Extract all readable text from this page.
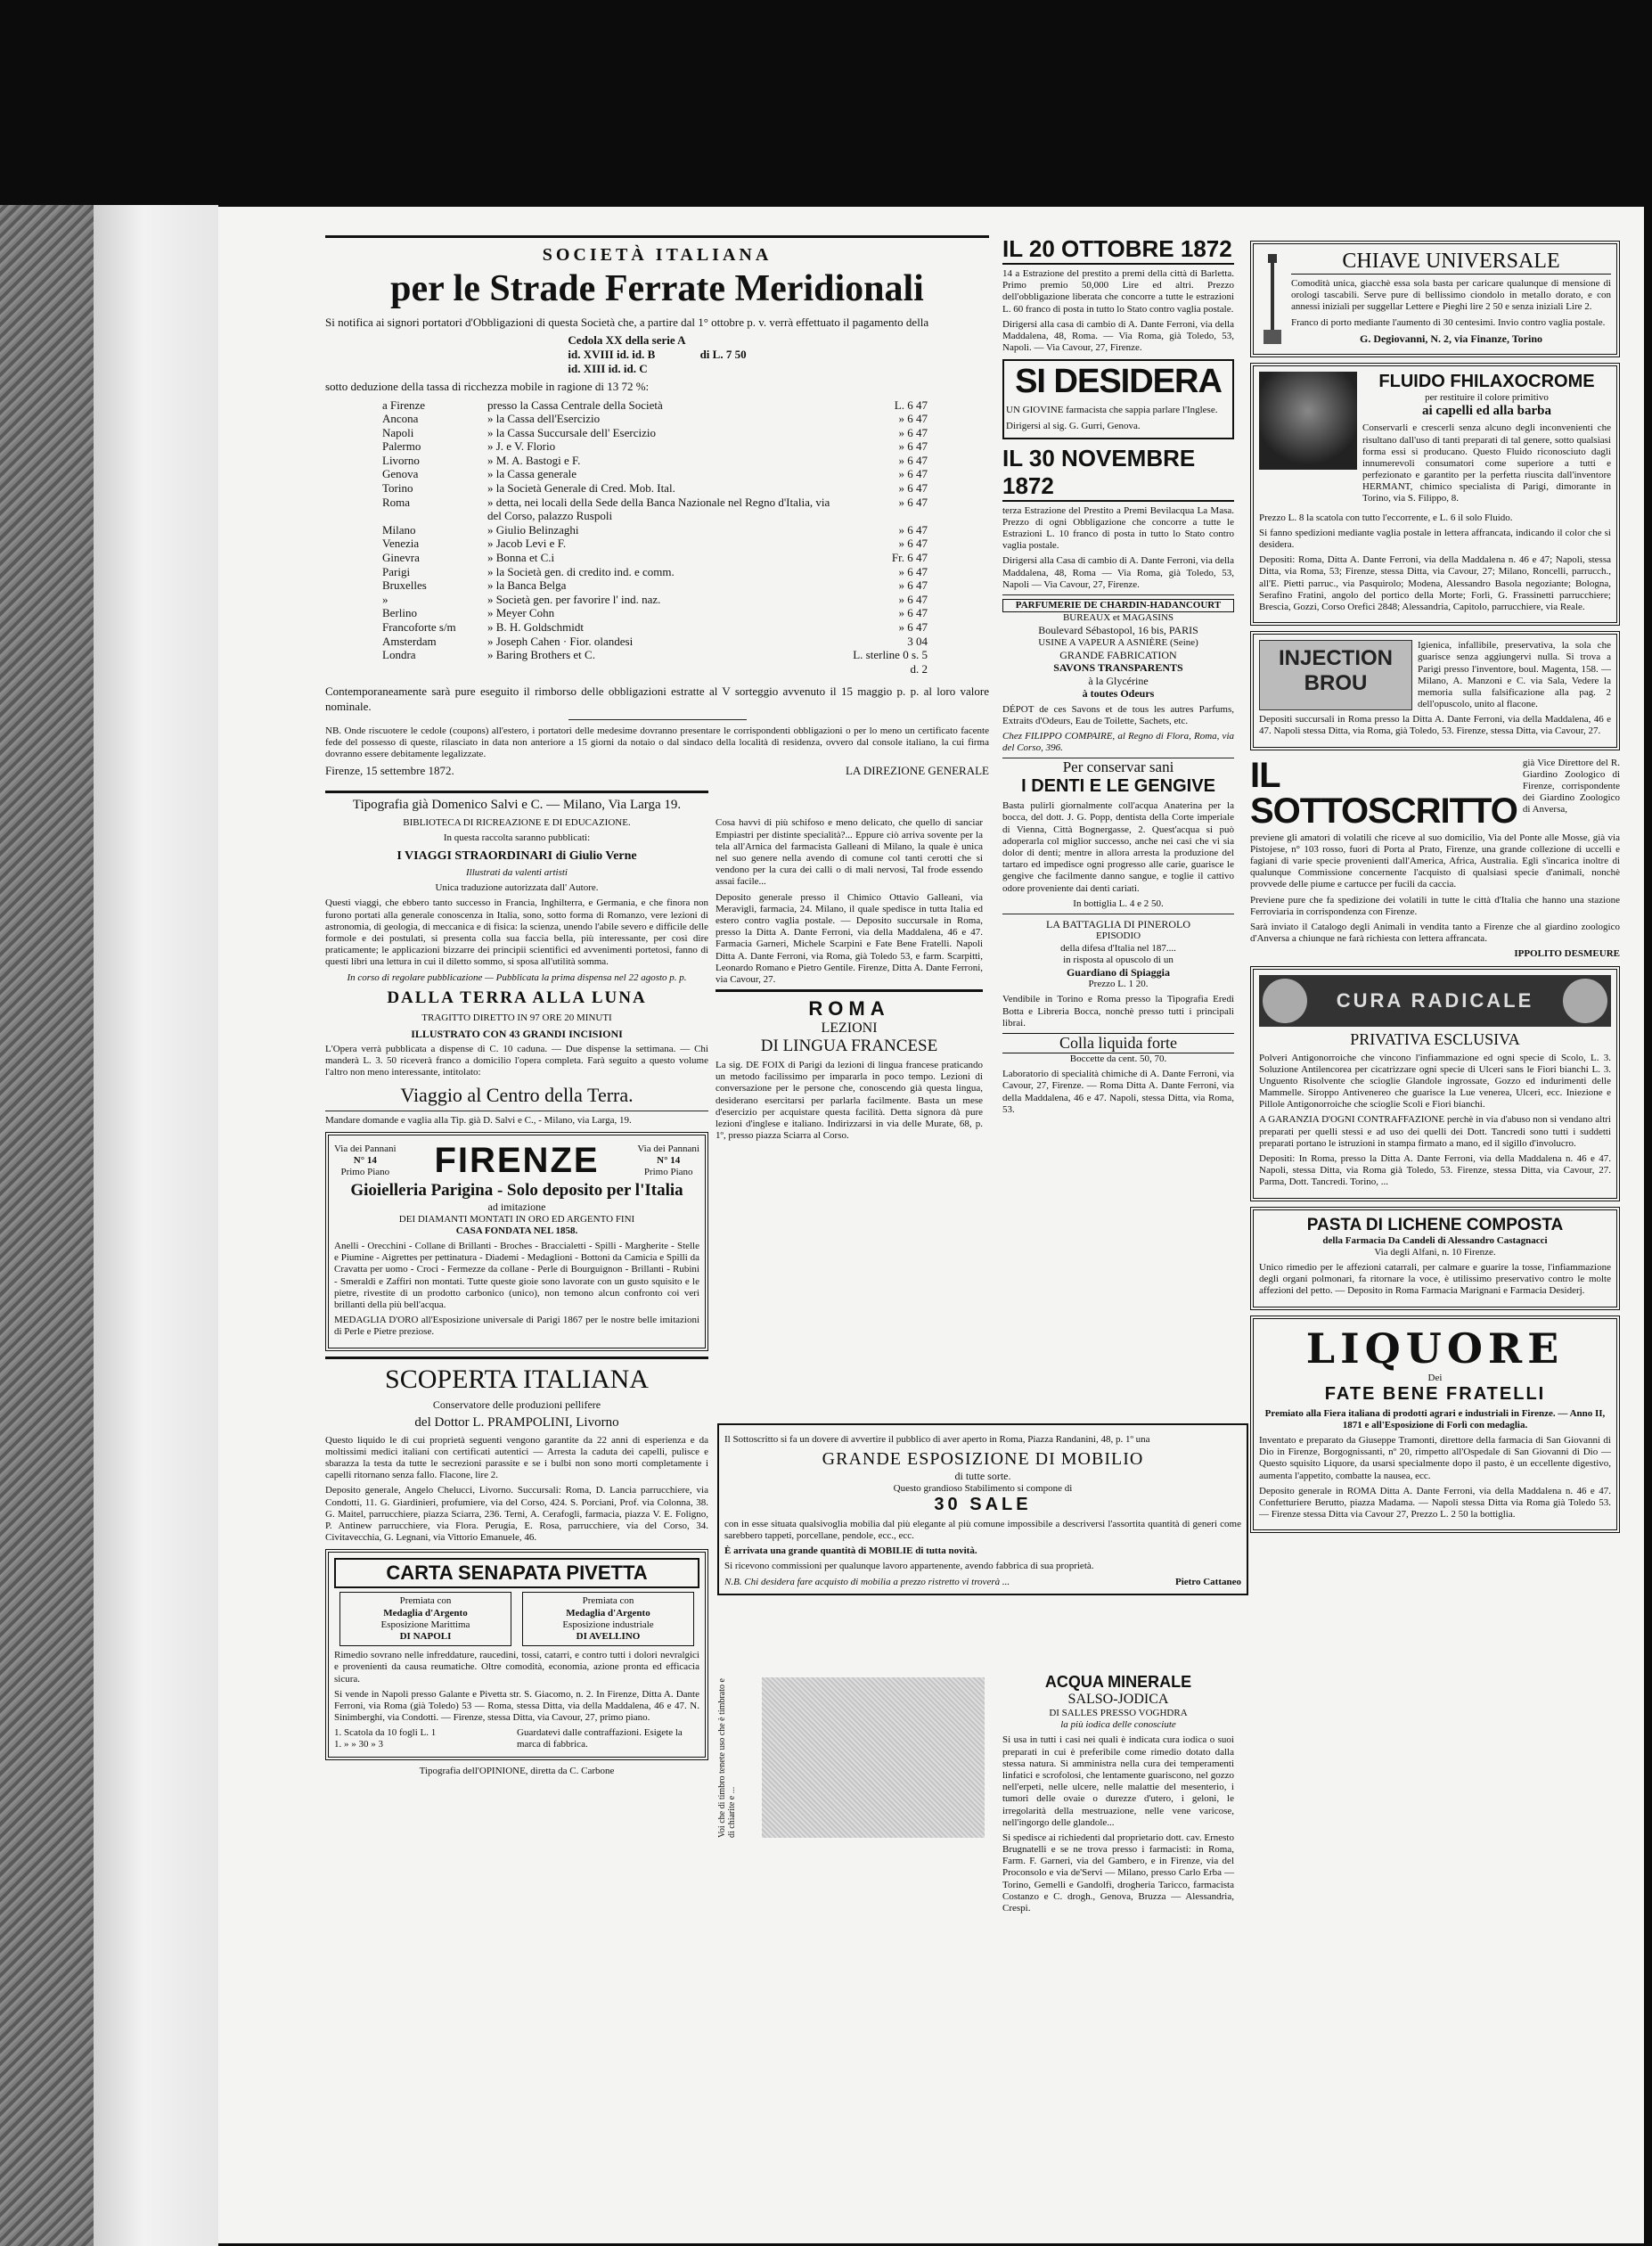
SOCIETÀ ITALIANA
per le Strade Ferrate Meridionali

Si notifica ai signori portatori d'Obbligazioni di questa Società che, a partire dal 1° ottobre p. v. verrà effettuato il pagamento della

Cedola XX della serie A
id. XVIII id. id. B
id. XIII id. id. C
di L. 7 50

sotto deduzione della tassa di ricchezza mobile in ragione di 13 72 %:

a Firenze	presso la Cassa Centrale della Società	L. 6 47
Ancona	» la Cassa dell'Esercizio	» 6 47
Napoli	» la Cassa Succursale dell' Esercizio	» 6 47
Palermo	» J. e V. Florio	» 6 47
Livorno	» M. A. Bastogi e F.	» 6 47
Genova	» la Cassa generale	» 6 47
Torino	» la Società Generale di Cred. Mob. Ital.	» 6 47
Roma	» detta, nei locali della Sede della Banca Nazionale nel Regno d'Italia, via del Corso, palazzo Ruspoli	» 6 47
Milano	» Giulio Belinzaghi	» 6 47
Venezia	» Jacob Levi e F.	» 6 47
Ginevra	» Bonna et C.i	Fr. 6 47
Parigi	» la Società gen. di credito ind. e comm.	» 6 47
Bruxelles	» la Banca Belga	» 6 47
»	» Società gen. per favorire l' ind. naz.	» 6 47
Berlino	» Meyer Cohn	» 6 47
Francoforte s/m	» B. H. Goldschmidt	» 6 47
Amsterdam	» Joseph Cahen · Fior. olandesi	3 04
Londra	» Baring Brothers et C.	L. sterline 0 s. 5 d. 2

Contemporaneamente sarà pure eseguito il rimborso delle obbligazioni estratte al V sorteggio avvenuto il 15 maggio p. p. al loro valore nominale.

NB. Onde riscuotere le cedole (coupons) all'estero, i portatori delle medesime dovranno presentare le corrispondenti obbligazioni o per lo meno un certificato facente fede del possesso di queste, rilasciato in data non anteriore a 15 giorni da notaio o dal sindaco della località di residenza, ovvero dal console italiano, la cui firma dovranno essere debitamente legalizzate.

Firenze, 15 settembre 1872.	LA DIREZIONE GENERALE

Tipografia già Domenico Salvi e C. — Milano, Via Larga 19.

BIBLIOTECA DI RICREAZIONE E DI EDUCAZIONE.

In questa raccolta saranno pubblicati:

I VIAGGI STRAORDINARI di Giulio Verne

Illustrati da valenti artisti

Unica traduzione autorizzata dall' Autore.

Questi viaggi, che ebbero tanto successo in Francia, Inghilterra, e Germania, e che finora non furono portati alla generale conoscenza in Italia, sono, sotto forma di Romanzo, vere lezioni di astronomia, di geologia, di meccanica e di fisica: la scienza, unendo l'abile severo e difficile delle formole e dei postulati, si presenta colla sua faccia bella, più interessante, per così dire praticamente; le applicazioni bizzarre dei principii scientifici ed avvenimenti portetosi, fanno di questi libri una lettura in cui il diletto sommo, si sposa all'utilità somma.

In corso di regolare pubblicazione — Pubblicata la prima dispensa nel 22 agosto p. p.

DALLA TERRA ALLA LUNA

TRAGITTO DIRETTO IN 97 ORE 20 MINUTI

ILLUSTRATO CON 43 GRANDI INCISIONI

L'Opera verrà pubblicata a dispense di C. 10 caduna. — Due dispense la settimana. — Chi manderà L. 3. 50 riceverà franco a domicilio l'opera completa. Farà seguito a questo volume l'altro non meno interessante, intitolato:

Viaggio al Centro della Terra.

Mandare domande e vaglia alla Tip. già D. Salvi e C., - Milano, via Larga, 19.

Via dei Pannani
N° 14
Primo Piano FIRENZE	Via dei Pannani
N° 14
Primo Piano
Gioielleria Parigina - Solo deposito per l'Italia
ad imitazione
DEI DIAMANTI MONTATI IN ORO ED ARGENTO FINI
CASA FONDATA NEL 1858.

Anelli - Orecchini - Collane di Brillanti - Broches - Braccialetti - Spilli - Margherite - Stelle e Piumine - Aigrettes per pettinatura - Diademi - Medaglioni - Bottoni da Camicia e Spilli da Cravatta per uomo - Croci - Fermezze da collane - Perle di Bourguignon - Brillanti - Rubini - Smeraldi e Zaffiri non montati. Tutte queste gioie sono lavorate con un gusto squisito e le pietre, rivestite di un prodotto carbonico (unico), non temono alcun confronto coi veri brillanti della più bell'acqua.

MEDAGLIA D'ORO all'Esposizione universale di Parigi 1867 per le nostre belle imitazioni di Perle e Pietre preziose.

SCOPERTA ITALIANA

Conservatore delle produzioni pellifere

del Dottor L. PRAMPOLINI, Livorno

Questo liquido le di cui proprietà seguenti vengono garantite da 22 anni di esperienza e da moltissimi medici italiani con certificati autentici — Arresta la caduta dei capelli, pulisce e sbarazza la testa da tutte le secrezioni parassite e se i bulbi non sono morti completamente i capelli ritornano senza fallo. Flacone, lire 2.

Deposito generale, Angelo Chelucci, Livorno. Succursali: Roma, D. Lancia parrucchiere, via Condotti, 11. G. Giardinieri, profumiere, via del Corso, 424. S. Porciani, Prof. via Colonna, 38. G. Maitel, parrucchiere, piazza Sciarra, 236. Terni, A. Cerafogli, farmacia, piazza V. E. Foligno, P. Antinew parrucchiere, via Flora. Perugia, E. Rosa, parrucchiere, via del Corso, 34. Civitavecchia, G. Legnani, via Vittorio Emanuele, 46.

CARTA SENAPATA PIVETTA
Premiata con
Medaglia d'Argento
Esposizione Marittima
DI NAPOLI
Premiata con
Medaglia d'Argento
Esposizione industriale
DI AVELLINO

Rimedio sovrano nelle infreddature, raucedini, tossi, catarri, e contro tutti i dolori nevralgici e provenienti da causa reumatiche. Oltre comodità, economia, azione pronta ed efficacia sicura.

Si vende in Napoli presso Galante e Pivetta str. S. Giacomo, n. 2. In Firenze, Ditta A. Dante Ferroni, via Roma (già Toledo) 53 — Roma, stessa Ditta, via della Maddalena, 46 e 47. N. Sinimberghi, via Condotti. — Firenze, stessa Ditta, via Cavour, 27, primo piano.

1. Scatola da 10 fogli L. 1
1. » » 30 » 3
Guardatevi dalle contraffazioni. Esigete la marca di fabbrica.

Tipografia dell'OPINIONE, diretta da C. Carbone

Cosa havvi di più schifoso e meno delicato, che quello di sanciar Empiastri per distinte specialità?... Eppure ciò arriva sovente per la tela all'Arnica del farmacista Galleani di Milano, la quale è unica nel suo genere nella avendo di comune col tanti cerotti che si vendono per la cura dei calli o di mali nervosi, Tal frode essendo assai facile...

Deposito generale presso il Chimico Ottavio Galleani, via Meravigli, farmacia, 24. Milano, il quale spedisce in tutta Italia ed estero contro vaglia postale. — Deposito succursale in Roma, presso la Ditta A. Dante Ferroni, via della Maddalena, 46 e 47. Farmacia Garneri, Michele Scarpini e Fate Bene Fratelli. Napoli Ditta A. Dante Ferroni, via Roma, già Toledo 53, e farm. Scarpitti, Leonardo Romano e Pietro Gentile. Firenze, Ditta A. Dante Ferroni, via Cavour, 27.

ROMA
LEZIONI
DI LINGUA FRANCESE

La sig. DE FOIX di Parigi da lezioni di lingua francese praticando un metodo facilissimo per impararla in poco tempo. Lezioni di conversazione per le persone che, conoscendo già questa lingua, desiderano esercitarsi per parlarla facilmente. Basta un mese d'esercizio per acquistare questa facilità. Detta signora dà pure lezioni d'inglese e italiano. Indirizzarsi in via delle Murate, 68, p. 1º, presso piazza Sciarra al Corso.

IL 20 OTTOBRE 1872

14 a Estrazione del prestito a premi della città di Barletta. Primo premio 50,000 Lire ed altri. Prezzo dell'obbligazione liberata che concorre a tutte le estrazioni L. 60 franco di posta in tutto lo Stato contro vaglia postale.

Dirigersi alla casa di cambio di A. Dante Ferroni, via della Maddalena, 48, Roma. — Via Roma, già Toledo, 53, Napoli. — Via Cavour, 27, Firenze.

SI DESIDERA

UN GIOVINE farmacista che sappia parlare l'Inglese.

Dirigersi al sig. G. Gurri, Genova.

IL 30 NOVEMBRE 1872

terza Estrazione del Prestito a Premi Bevilacqua La Masa. Prezzo di ogni Obbligazione che concorre a tutte le Estrazioni L. 10 franco di posta in tutto lo Stato contro vaglia postale.

Dirigersi alla Casa di cambio di A. Dante Ferroni, via della Maddalena, 48, Roma — Via Roma, già Toledo, 53, Napoli — Via Cavour, 27, Firenze.

PARFUMERIE DE CHARDIN-HADANCOURT
BUREAUX et MAGASINS
Boulevard Sébastopol, 16 bis, PARIS
USINE A VAPEUR A ASNIÈRE (Seine)
GRANDE FABRICATION
SAVONS TRANSPARENTS
à la Glycérine
à toutes Odeurs

DÉPOT de ces Savons et de tous les autres Parfums, Extraits d'Odeurs, Eau de Toilette, Sachets, etc.

Chez FILIPPO COMPAIRE, al Regno di Flora, Roma, via del Corso, 396.

Per conservar sani
I DENTI E LE GENGIVE

Basta pulirli giornalmente coll'acqua Anaterina per la bocca, del dott. J. G. Popp, dentista della Corte imperiale di Vienna, Città Bognergasse, 2. Quest'acqua si può adoperarla col miglior successo, anche nei casi che vi sia dolor di denti; mentre in allora arresta la produzione del tartaro ed impedisce ogni progresso alle carie, guarisce le gengive che facilmente danno sangue, e toglie il cattivo odore proveniente dai denti cariati.

In bottiglia L. 4 e 2 50.

LA BATTAGLIA DI PINEROLO
EPISODIO
della difesa d'Italia nel 187....
in risposta al opuscolo di un
Guardiano di Spiaggia
Prezzo L. 1 20.

Vendibile in Torino e Roma presso la Tipografia Eredi Botta e Libreria Bocca, nonchè presso tutti i principali librai.

Colla liquida forte
Boccette da cent. 50, 70.

Laboratorio di specialità chimiche di A. Dante Ferroni, via Cavour, 27, Firenze. — Roma Ditta A. Dante Ferroni, via della Maddalena, 46 e 47. Napoli, stessa Ditta, via Roma, 53.

Il Sottoscritto si fa un dovere di avvertire il pubblico di aver aperto in Roma, Piazza Randanini, 48, p. 1º una

GRANDE ESPOSIZIONE DI MOBILIO
di tutte sorte.
Questo grandioso Stabilimento si compone di
30 SALE

con in esse situata qualsivoglia mobilia dal più elegante al più comune impossibile a descriversi l'assortita quantità di generi come sarebbero tappeti, porcellane, pendole, ecc., ecc.

È arrivata una grande quantità di MOBILIE di tutta novità.

Si ricevono commissioni per qualunque lavoro appartenente, avendo fabbrica di sua proprietà.

N.B. Chi desidera fare acquisto di mobilia a prezzo ristretto vi troverà ...	Pietro Cattaneo
ACQUA MINERALE
SALSO-JODICA
DI SALLES PRESSO VOGHDRA
la più iodica delle conosciute

Si usa in tutti i casi nei quali è indicata cura iodica o suoi preparati in cui è preferibile come rimedio dotato dalla stessa natura. Si amministra nella cura dei temperamenti linfatici e scrofolosi, che lentamente guariscono, nel gozzo nell'erpeti, nelle ulcere, nelle malattie del mesenterio, i tumori delle ovaie o durezze d'utero, i geloni, le irregolarità della mestruazione, nelle vene varicose, nell'ingorgo delle glandole...

Si spedisce ai richiedenti dal proprietario dott. cav. Ernesto Brugnatelli e se ne trova presso i farmacisti: in Roma, Farm. F. Garneri, via del Gambero, e in Firenze, via del Proconsolo e via de'Servi — Milano, presso Carlo Erba — Torino, Gemelli e Gandolfi, drogheria Taricco, farmacista Costanzo e C. drogh., Genova, Bruzza — Alessandria, Crespi.

Voi che di timbro tenete uso che è timbrato e di chiarite e ...
CHIAVE UNIVERSALE

Comodità unica, giacchè essa sola basta per caricare qualunque di mensione di orologi tascabili. Serve pure di bellissimo ciondolo in metallo dorato, e con annessi iniziali per suggellar Lettere e Pieghi lire 2 50 e senza iniziali Lire 2.

Franco di porto mediante l'aumento di 30 centesimi. Invio contro vaglia postale.

G. Degiovanni, N. 2, via Finanze, Torino

FLUIDO FHILAXOCROME
per restituire il colore primitivo
ai capelli ed alla barba

Conservarli e crescerli senza alcuno degli inconvenienti che risultano dall'uso di tanti preparati di tal genere, sotto qualsiasi forma essi si producano. Questo Fluido riconosciuto dagli innumerevoli consumatori come superiore a tutti e perfezionato e garantito per la perfetta riuscita dall'inventore HERMANT, chimico specialista di Parigi, dimorante in Torino, via S. Filippo, 8.

Prezzo L. 8 la scatola con tutto l'eccorrente, e L. 6 il solo Fluido.

Si fanno spedizioni mediante vaglia postale in lettera affrancata, indicando il color che si desidera.

Depositi: Roma, Ditta A. Dante Ferroni, via della Maddalena n. 46 e 47; Napoli, stessa Ditta, via Roma, 53; Firenze, stessa Ditta, via Cavour, 27; Milano, Roncelli, parrucch., all'E. Pietti parruc., via Pasquirolo; Modena, Alessandro Basola negoziante; Bologna, Serafino Fratini, angolo del portico della Morte; Forlì, G. Frassinetti parrucchiere; Brescia, Gozzi, Corso Orefici 2848; Alessandria, Capitolo, parrucchiere, via Reale.

INJECTION BROU

Igienica, infallibile, preservativa, la sola che guarisce senza aggiungervi nulla. Si trova a Parigi presso l'inventore, boul. Magenta, 158. — Milano, A. Manzoni e C. via Sala, Vedere la memoria sulla falsificazione alla pag. 2 dell'opuscolo, unito al flacone.

Depositi succursali in Roma presso la Ditta A. Dante Ferroni, via della Maddalena, 46 e 47. Napoli stessa Ditta, via Roma, già Toledo, 53. Firenze, stessa Ditta, via Cavour, 27.

IL SOTTOSCRITTO

già Vice Direttore del R. Giardino Zoologico di Firenze, corrispondente dei Giardino Zoologico di Anversa,

previene gli amatori di volatili che riceve al suo domicilio, Via del Ponte alle Mosse, già via Pistojese, n° 103 rosso, fuori di Porta al Prato, Firenze, una grande collezione di uccelli e fagiani di varie specie provenienti dall'America, Africa, Australia. Egli s'incarica inoltre di qualunque Commissione concernente l'acquisto di qualsiasi specie d'animali, nonchè provvede delle piume e cartucce per fucili da caccia.

Previene pure che fa spedizione dei volatili in tutte le città d'Italia che hanno una stazione Ferroviaria in corrispondenza con Firenze.

Sarà inviato il Catalogo degli Animali in vendita tanto a Firenze che al giardino zoologico d'Anversa a chiunque ne farà richiesta con lettera affrancata.

IPPOLITO DESMEURE

CURA RADICALE
PRIVATIVA ESCLUSIVA

Polveri Antigonorroiche che vincono l'infiammazione ed ogni specie di Scolo, L. 3. Soluzione Antilencorea per cicatrizzare ogni specie di Ulceri sans le Fiori bianchi L. 3. Unguento Risolvente che scioglie Glandole ingrossate, Gozzo ed indurimenti delle Mammelle. Siroppo Antivenereo che guarisce la Lue venerea, Ulceri, ecc. Iniezione e Pillole Antigonorroiche che scioglie Scoli e Fiori bianchi.

A GARANZIA D'OGNI CONTRAFFAZIONE perchè in via d'abuso non si vendano altri preparati per quelli stessi e ad uso dei quelli dei Dott. Tancredi sono tutti i suddetti preparati portano le istruzioni in stampa firmato a mano, ed il sigillo d'involucro.

Depositi: In Roma, presso la Ditta A. Dante Ferroni, via della Maddalena n. 46 e 47. Napoli, stessa Ditta, via Roma già Toledo, 53. Firenze, stessa Ditta, via Cavour, 27. Parma, Dott. Tancredi. Torino, ...

PASTA DI LICHENE COMPOSTA
della Farmacia Da Candeli di Alessandro Castagnacci
Via degli Alfani, n. 10 Firenze.

Unico rimedio per le affezioni catarrali, per calmare e guarire la tosse, l'infiammazione degli organi polmonari, fa ritornare la voce, è utilissimo preservativo contro le molte affezioni del petto. — Deposito in Roma Farmacia Marignani e Farmacia Desiderj.

LIQUORE
Dei
FATE BENE FRATELLI

Premiato alla Fiera italiana di prodotti agrari e industriali in Firenze. — Anno II, 1871 e all'Esposizione di Forlì con medaglia.

Inventato e preparato da Giuseppe Tramonti, direttore della farmacia di San Giovanni di Dio in Firenze, Borgognissanti, nº 20, rimpetto all'Ospedale di San Giovanni di Dio — Questo squisito Liquore, da usarsi specialmente dopo il pasto, è un eccellente digestivo, aumenta l'appetito, combatte la nausea, ecc.

Deposito generale in ROMA Ditta A. Dante Ferroni, via della Maddalena n. 46 e 47. Confetturiere Berutto, piazza Madama. — Napoli stessa Ditta via Roma già Toledo 53. — Firenze stessa Ditta via Cavour 27, Prezzo L. 2 50 la bottiglia.
